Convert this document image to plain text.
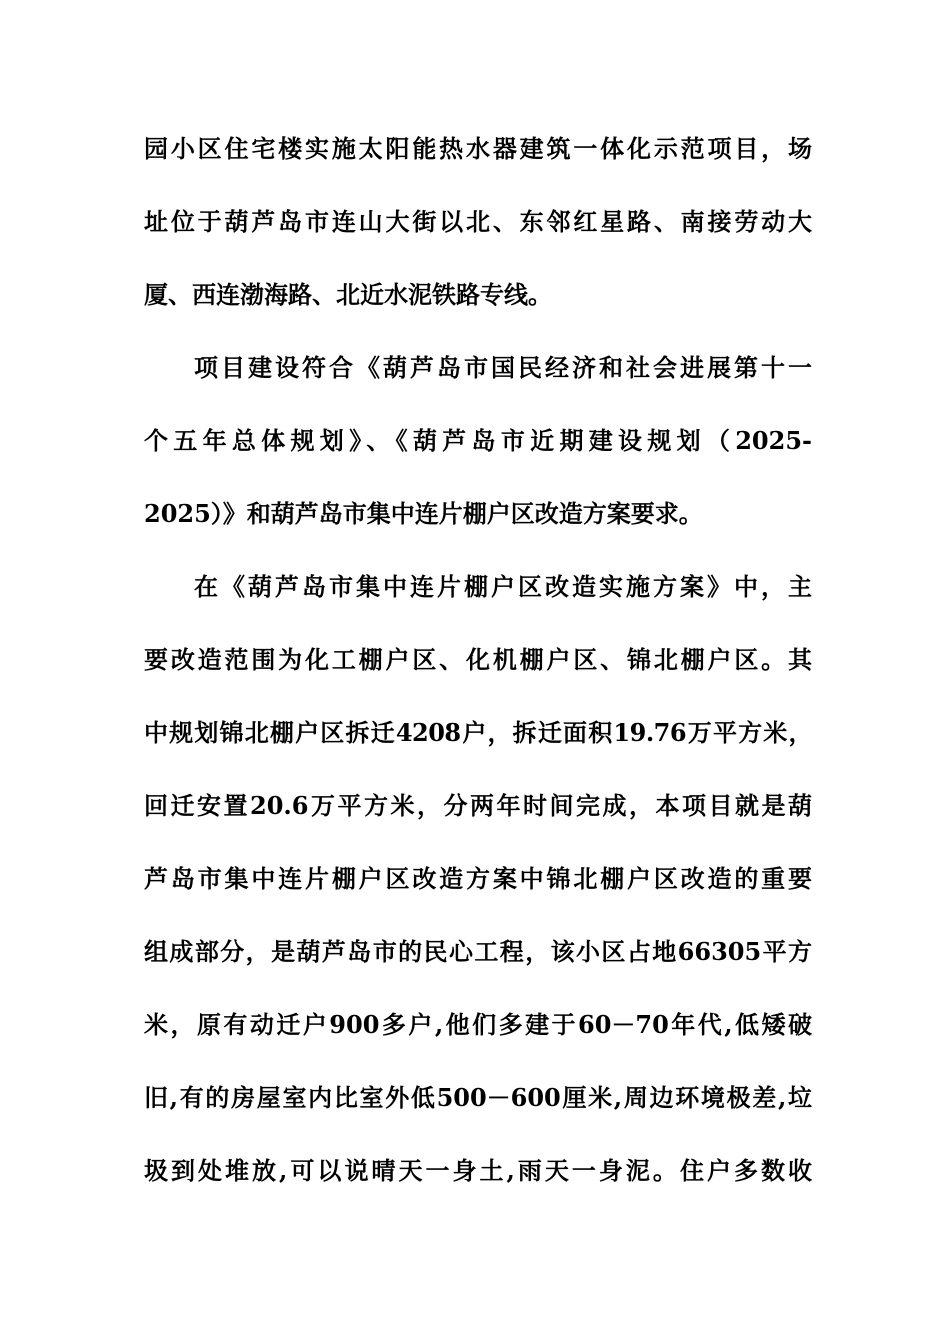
园小区住宅楼实施太阳能热水器建筑一体化示范项目，场
址位于葫芦岛市连山大街以北、东邻红星路、南接劳动大
厦、西连渤海路、北近水泥铁路专线。
项目建设符合《葫芦岛市国民经济和社会进展第十一
个五年总体规划》、《葫芦岛市近期建设规划（2025-
2025）》和葫芦岛市集中连片棚户区改造方案要求。
在《葫芦岛市集中连片棚户区改造实施方案》中，主
要改造范围为化工棚户区、化机棚户区、锦北棚户区。其
中规划锦北棚户区拆迁4208户，拆迁面积19.76万平方米，
回迁安置20.6万平方米，分两年时间完成，本项目就是葫
芦岛市集中连片棚户区改造方案中锦北棚户区改造的重要
组成部分，是葫芦岛市的民心工程，该小区占地66305平方
米，原有动迁户900多户,他们多建于60－70年代,低矮破
旧,有的房屋室内比室外低500－600厘米,周边环境极差,垃
圾到处堆放,可以说晴天一身土,雨天一身泥。住户多数收
